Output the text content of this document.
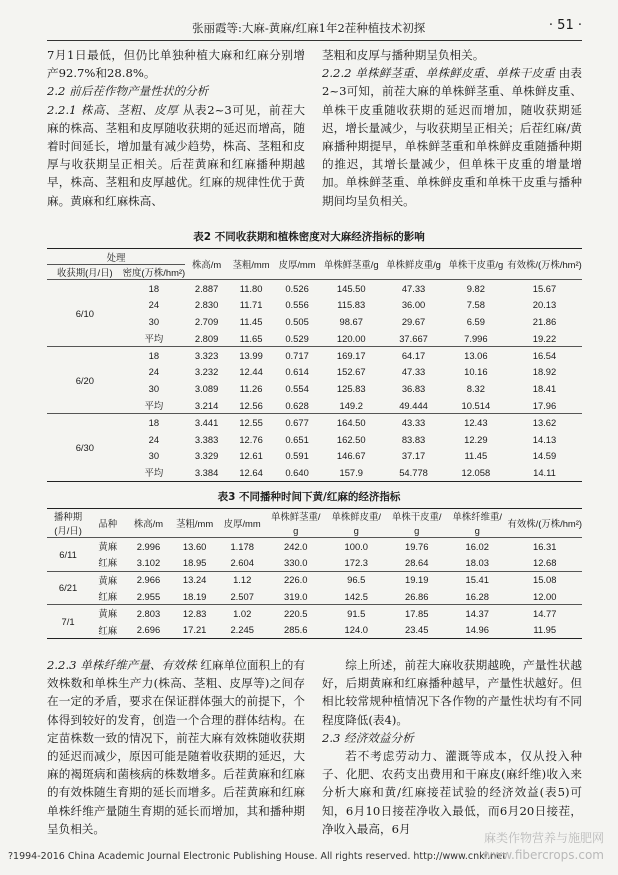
张丽霞等:大麻-黄麻/红麻1年2茬种植技术初探	· 51 ·

7月1日最低，但仍比单独种植大麻和红麻分别增产92.7%和28.8%。

2.2 前后茬作物产量性状的分析

2.2.1 株高、茎粗、皮厚 从表2~3可见，前茬大麻的株高、茎粗和皮厚随收获期的延迟而增高，随着时间延长，增加量有减少趋势，株高、茎粗和皮厚与收获期呈正相关。后茬黄麻和红麻播种期越早，株高、茎粗和皮厚越优。红麻的规律性优于黄麻。黄麻和红麻株高、

茎粗和皮厚与播种期呈负相关。

2.2.2 单株鲜茎重、单株鲜皮重、单株干皮重 由表2~3可知，前茬大麻的单株鲜茎重、单株鲜皮重、单株干皮重随收获期的延迟而增加，随收获期延迟，增长量减少，与收获期呈正相关；后茬红麻/黄麻播种期提早，单株鲜茎重和单株鲜皮重随播种期的推迟，其增长量减少，但单株干皮重的增量增加。单株鲜茎重、单株鲜皮重和单株干皮重与播种期间均呈负相关。

表2 不同收获期和植株密度对大麻经济指标的影响
处理		株高/m	茎粗/mm	皮厚/mm	单株鲜茎重/g	单株鲜皮重/g	单株干皮重/g	有效株/(万株/hm²)
收获期(月/日)	密度(万株/hm²)							
6/10	18	2.887	11.80	0.526	145.50	47.33	9.82	15.67
	24	2.830	11.71	0.556	115.83	36.00	7.58	20.13
	30	2.709	11.45	0.505	98.67	29.67	6.59	21.86
	平均	2.809	11.65	0.529	120.00	37.667	7.996	19.22
6/20	18	3.323	13.99	0.717	169.17	64.17	13.06	16.54
	24	3.232	12.44	0.614	152.67	47.33	10.16	18.92
	30	3.089	11.26	0.554	125.83	36.83	8.32	18.41
	平均	3.214	12.56	0.628	149.2	49.444	10.514	17.96
6/30	18	3.441	12.55	0.677	164.50	43.33	12.43	13.62
	24	3.383	12.76	0.651	162.50	83.83	12.29	14.13
	30	3.329	12.61	0.591	146.67	37.17	11.45	14.59
	平均	3.384	12.64	0.640	157.9	54.778	12.058	14.11
表3 不同播种时间下黄/红麻的经济指标
播种期	品种	株高/m	茎粗/mm	皮厚/mm	单株鲜茎重/	单株鲜皮重/	单株干皮重/	单株纤维重/	有效株/(万株/hm²)
(月/日)					g	g	g	g	
6/11	黄麻	2.996	13.60	1.178	242.0	100.0	19.76	16.02	16.31
	红麻	3.102	18.95	2.604	330.0	172.3	28.64	18.03	12.68
6/21	黄麻	2.966	13.24	1.12	226.0	96.5	19.19	15.41	15.08
	红麻	2.955	18.19	2.507	319.0	142.5	26.86	16.28	12.00
7/1	黄麻	2.803	12.83	1.02	220.5	91.5	17.85	14.37	14.77
	红麻	2.696	17.21	2.245	285.6	124.0	23.45	14.96	11.95

2.2.3 单株纤维产量、有效株 红麻单位面积上的有效株数和单株生产力(株高、茎粗、皮厚等)之间存在一定的矛盾，要求在保证群体强大的前提下，个体得到较好的发育，创造一个合理的群体结构。在定苗株数一致的情况下，前茬大麻有效株随收获期的延迟而减少，原因可能是随着收获期的延迟，大麻的褐斑病和菌核病的株数增多。后茬黄麻和红麻的有效株随生育期的延长而增多。后茬黄麻和红麻单株纤维产量随生育期的延长而增加，其和播种期呈负相关。

综上所述，前茬大麻收获期越晚，产量性状越好，后期黄麻和红麻播种越早，产量性状越好。但相比较常规种植情况下各作物的产量性状均有不同程度降低(表4)。

2.3 经济效益分析

若不考虑劳动力、灌溉等成本，仅从投入种子、化肥、农药支出费用和干麻皮(麻纤维)收入来分析大麻和黄/红麻接茬试验的经济效益(表5)可知，6月10日接茬净收入最低，而6月20日接茬，净收入最高，6月

?1994-2016 China Academic Journal Electronic Publishing House. All rights reserved. http://www.cnki.net
麻类作物营养与施肥网
www.fibercrops.com
